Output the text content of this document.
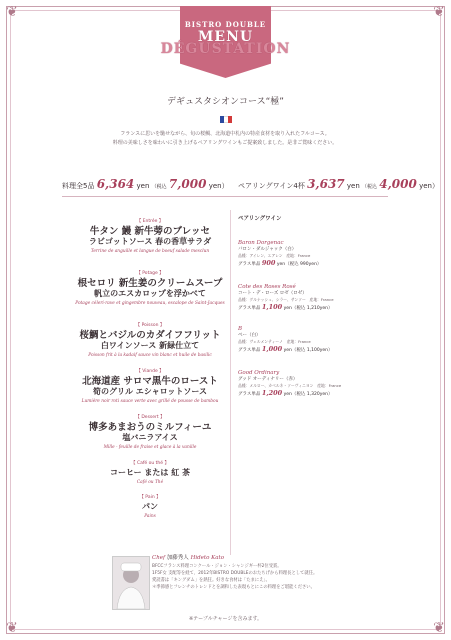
❦	❦
❦	❦
BISTRO DOUBLE
MENU
DÉGUSTATION
デギュスタシオンコース“極”
フランスに思いを馳せながら、旬の桜鯛、北海道中札内の特産食材を取り入れたフルコース。
料理の美味しさを味わいに引き上げるペアリングワインもご提案致しました。是非ご賞味ください。
料理全5品 6,364 yen （税込 7,000 yen） ペアリングワイン4杯 3,637 yen （税込 4,000 yen）
【 Entrée 】
牛タン 鰻 新牛蒡のブレッセ
ラビゴットソース 春の香草サラダ
Terrine de anguille et langue de boeuf salade mesclun
【 Potage 】
根セロリ 新生姜のクリームスープ
帆立のエスカロップを浮かべて
Potage céleri-rave et gingembre nouveau, escalope de Saint-Jacques
【 Poisson 】
桜鯛とバジルのカダイフフリット
白ワインソース 新緑仕立て
Poisson frit à la kadaif sauce vin blanc et huile de basilic
【 Viande 】
北海道産 サロマ黒牛のロースト
筍のグリル エシャロットソース
Lumière noir roti sauce verte avec grillé de pousse de bambou
【 Dessert 】
博多あまおうのミルフィーユ
塩バニラアイス
Mille - feuille de fraise et glace à la vanille
【 Café ou thé 】
コーヒー または 紅 茶
Café ou Thé
【 Pain 】
パン
Pains
ペアリングワイン
Baron Dorgenac
バロン・ダルジャック（白）
品種：アイレン、エアレン　産地：France
グラス単品 900 yen（税込 990yen）
Cote des Roses Rosé
コート・デ・ローズ ロゼ（ロゼ）
品種：グルナッシュ、シラー、サンソー　産地：France
グラス単品 1,100 yen（税込 1,210yen）
B
ベー（白）
品種：ヴェルメンティーノ　産地：France
グラス単品 1,000 yen（税込 1,100yen）
Good Ordinary
グッド オーディナリー（赤）
品種：メルロー、カベルネ・ソーヴィニヨン　産地：France
グラス単品 1,200 yen（税込 1,320yen）
Chef 加藤秀人 Hideto Kato
BFCCフランス料理コンクール・ジョン・シャンジギー杯2位受賞。
1F5F女 支配等を経て、2012年BISTRO DOUBLEのおたちげから料理長として就任。
愛読書は「キングダム」を熱狂。好きな食材は「たまにえ」。
＊季節感とフレンチのトレンドとを調和した表現もとにこの料理をご堪能ください。
※テーブルチャージを含みます。
